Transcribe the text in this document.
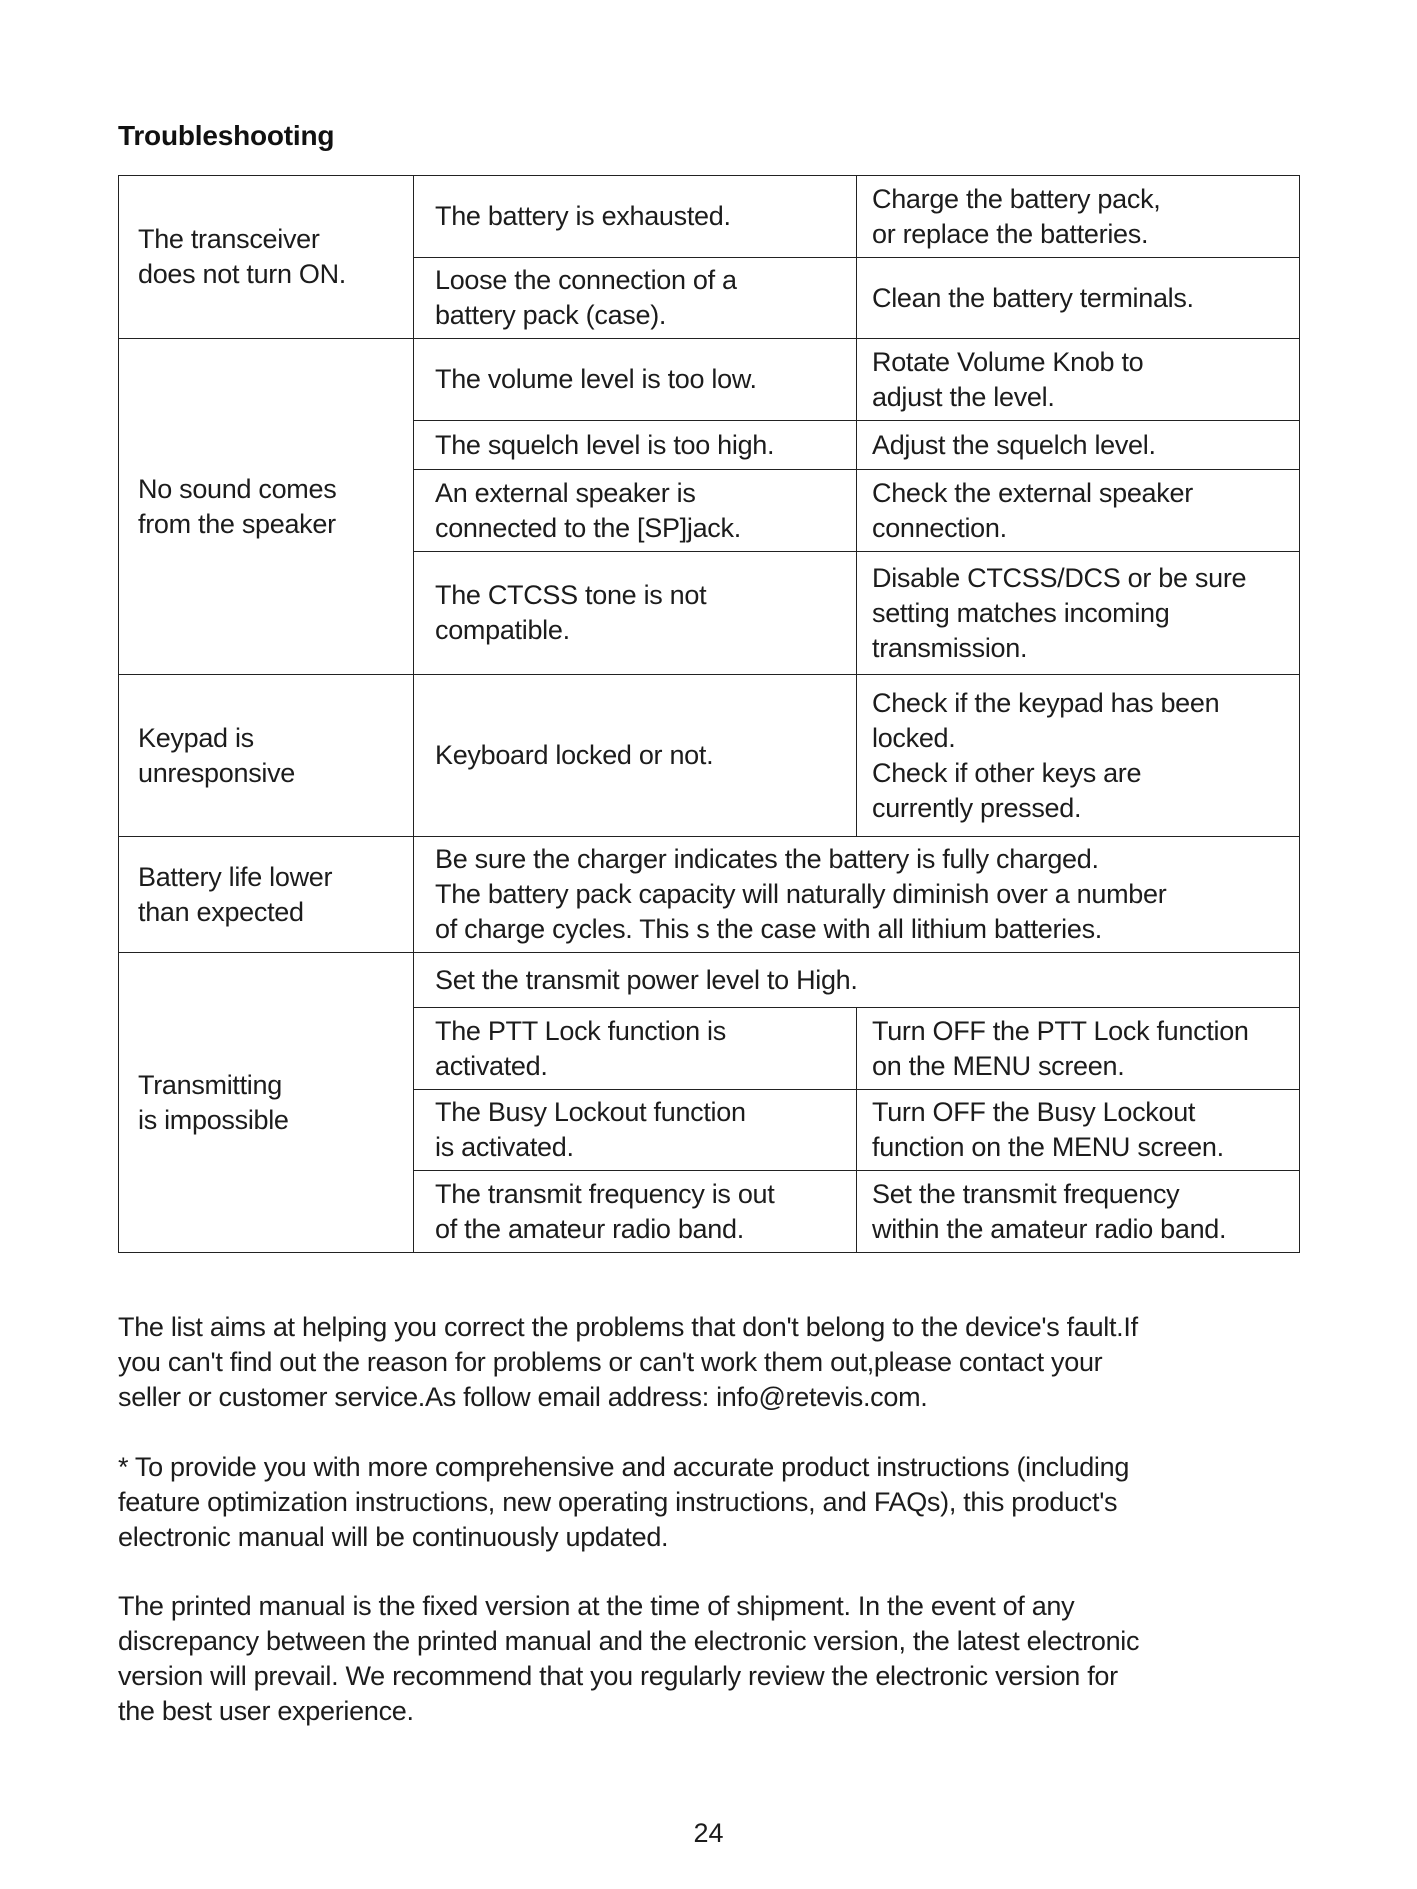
Troubleshooting
The transceiver
does not turn ON.
The battery is exhausted.
Charge the battery pack,
or replace the batteries.
Loose the connection of a
battery pack (case).
Clean the battery terminals.
No sound comes
from the speaker
The volume level is too low.
Rotate Volume Knob to
adjust the level.
The squelch level is too high.	Adjust the squelch level.
An external speaker is
connected to the [SP]jack.
Check the external speaker
connection.
The CTCSS tone is not
compatible.
Disable CTCSS/DCS or be sure
setting matches incoming
transmission.
Keypad is
unresponsive
Keyboard locked or not.
Check if the keypad has been
locked.
Check if other keys are
currently pressed.
Battery life lower
than expected
Be sure the charger indicates the battery is fully charged.
The battery pack capacity will naturally diminish over a number
of charge cycles. This s the case with all lithium batteries.
Transmitting
is impossible
Set the transmit power level to High.
The PTT Lock function is
activated.
Turn OFF the PTT Lock function
on the MENU screen.
The Busy Lockout function
is activated.
Turn OFF the Busy Lockout
function on the MENU screen.
The transmit frequency is out
of the amateur radio band.
Set the transmit frequency
within the amateur radio band.
The list aims at helping you correct the problems that don't belong to the device's fault.If
you can't find out the reason for problems or can't work them out,please contact your
seller or customer service.As follow email address: info@retevis.com.
* To provide you with more comprehensive and accurate product instructions (including
feature optimization instructions, new operating instructions, and FAQs), this product's
electronic manual will be continuously updated.
The printed manual is the fixed version at the time of shipment. In the event of any
discrepancy between the printed manual and the electronic version, the latest electronic
version will prevail. We recommend that you regularly review the electronic version for
the best user experience.
24
